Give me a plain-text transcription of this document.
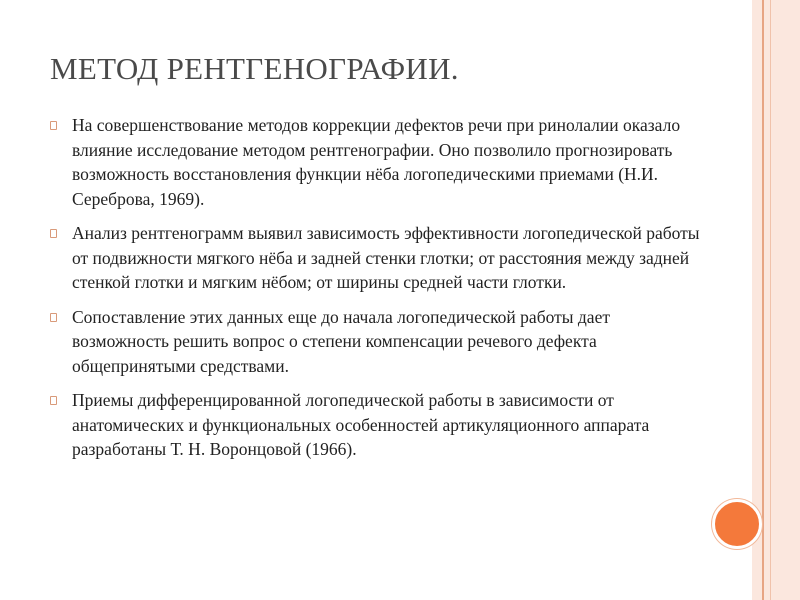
МЕТОД РЕНТГЕНОГРАФИИ.
На совершенствование методов коррекции дефектов речи при ринолалии оказало влияние исследование методом рентгенографии. Оно позволило прогнозировать возможность восстановления функции нёба логопедическими приемами (Н.И. Сереброва, 1969).
Анализ рентгенограмм выявил зависимость эффективности логопедической работы от подвижности мягкого нёба и задней стенки глотки; от расстояния между задней стенкой глотки и мягким нёбом; от ширины средней части глотки.
Сопоставление этих данных еще до начала логопедической работы дает возможность решить вопрос о степени компенсации речевого дефекта общепринятыми средствами.
Приемы дифференцированной логопедической работы в зависимости от анатомических и функциональных особенностей артикуляционного аппарата разработаны Т. Н. Воронцовой (1966).
